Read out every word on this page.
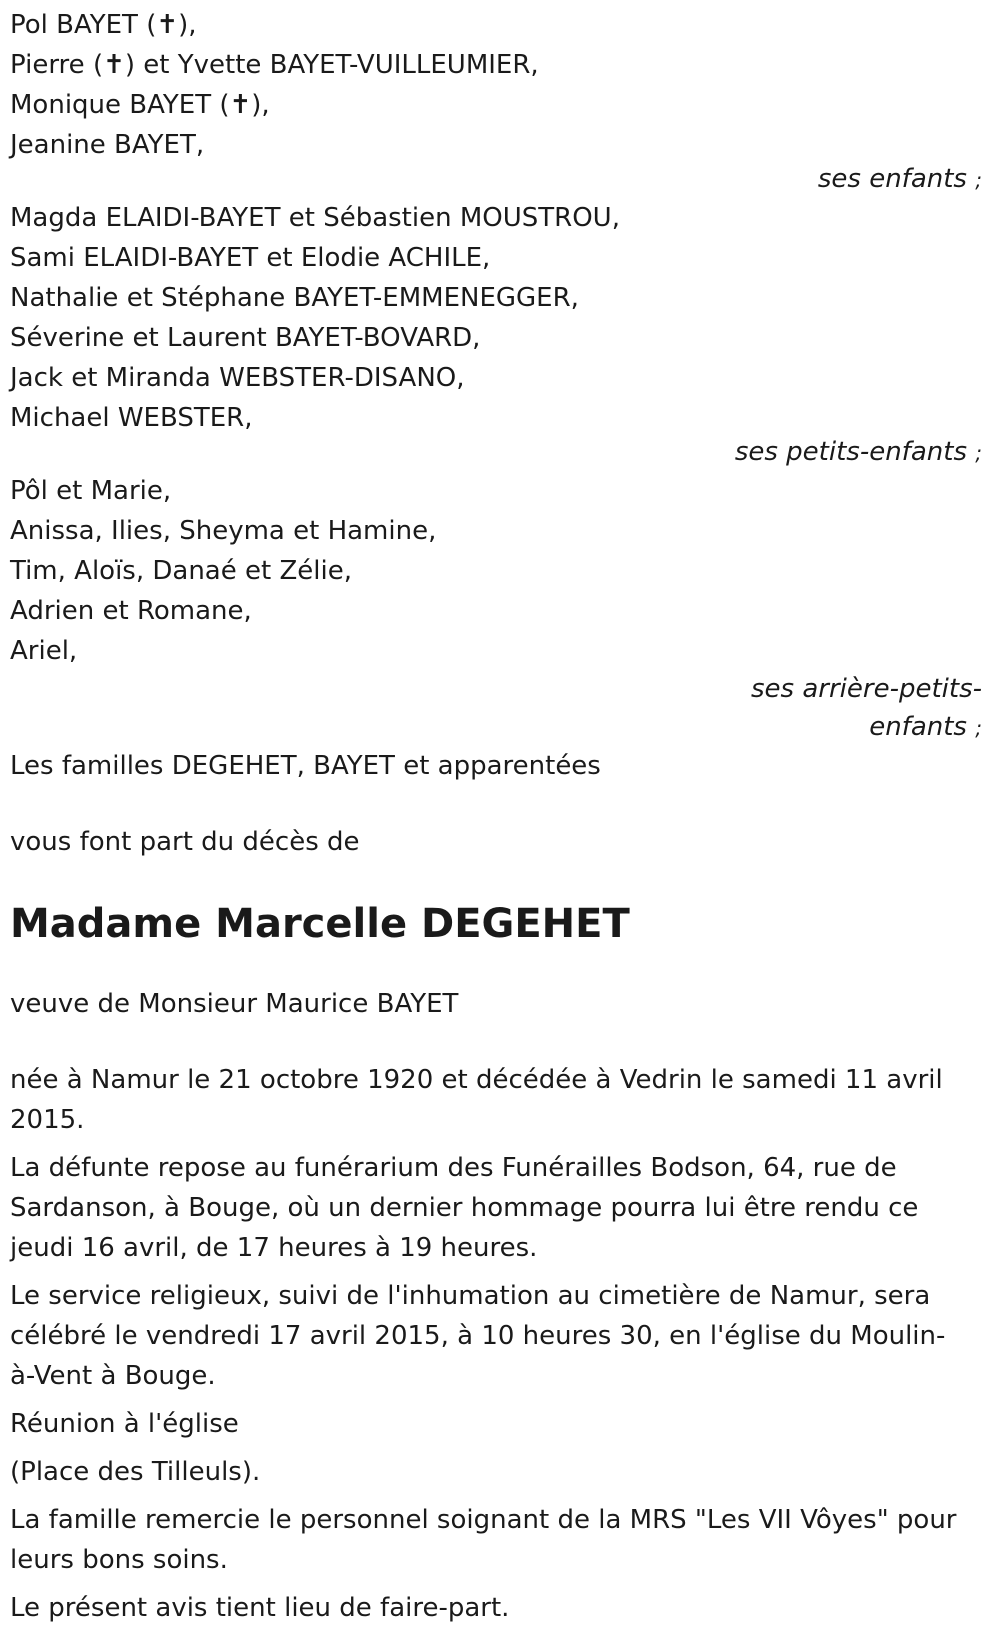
Pol BAYET (✝),
Pierre (✝) et Yvette BAYET-VUILLEUMIER,
Monique BAYET (✝),
Jeanine BAYET,
ses enfants ;
Magda ELAIDI-BAYET et Sébastien MOUSTROU,
Sami ELAIDI-BAYET et Elodie ACHILE,
Nathalie et Stéphane BAYET-EMMENEGGER,
Séverine et Laurent BAYET-BOVARD,
Jack et Miranda WEBSTER-DISANO,
Michael WEBSTER,
ses petits-enfants ;
Pôl et Marie,
Anissa, Ilies, Sheyma et Hamine,
Tim, Aloïs, Danaé et Zélie,
Adrien et Romane,
Ariel,
ses arrière-petits-
enfants ;
Les familles DEGEHET, BAYET et apparentées
vous font part du décès de
Madame Marcelle DEGEHET
veuve de Monsieur Maurice BAYET
née à Namur le 21 octobre 1920 et décédée à Vedrin le samedi 11 avril
2015.
La défunte repose au funérarium des Funérailles Bodson, 64, rue de
Sardanson, à Bouge, où un dernier hommage pourra lui être rendu ce
jeudi 16 avril, de 17 heures à 19 heures.
Le service religieux, suivi de l'inhumation au cimetière de Namur, sera
célébré le vendredi 17 avril 2015, à 10 heures 30, en l'église du Moulin-
à-Vent à Bouge.
Réunion à l'église
(Place des Tilleuls).
La famille remercie le personnel soignant de la MRS "Les VII Vôyes" pour
leurs bons soins.
Le présent avis tient lieu de faire-part.
